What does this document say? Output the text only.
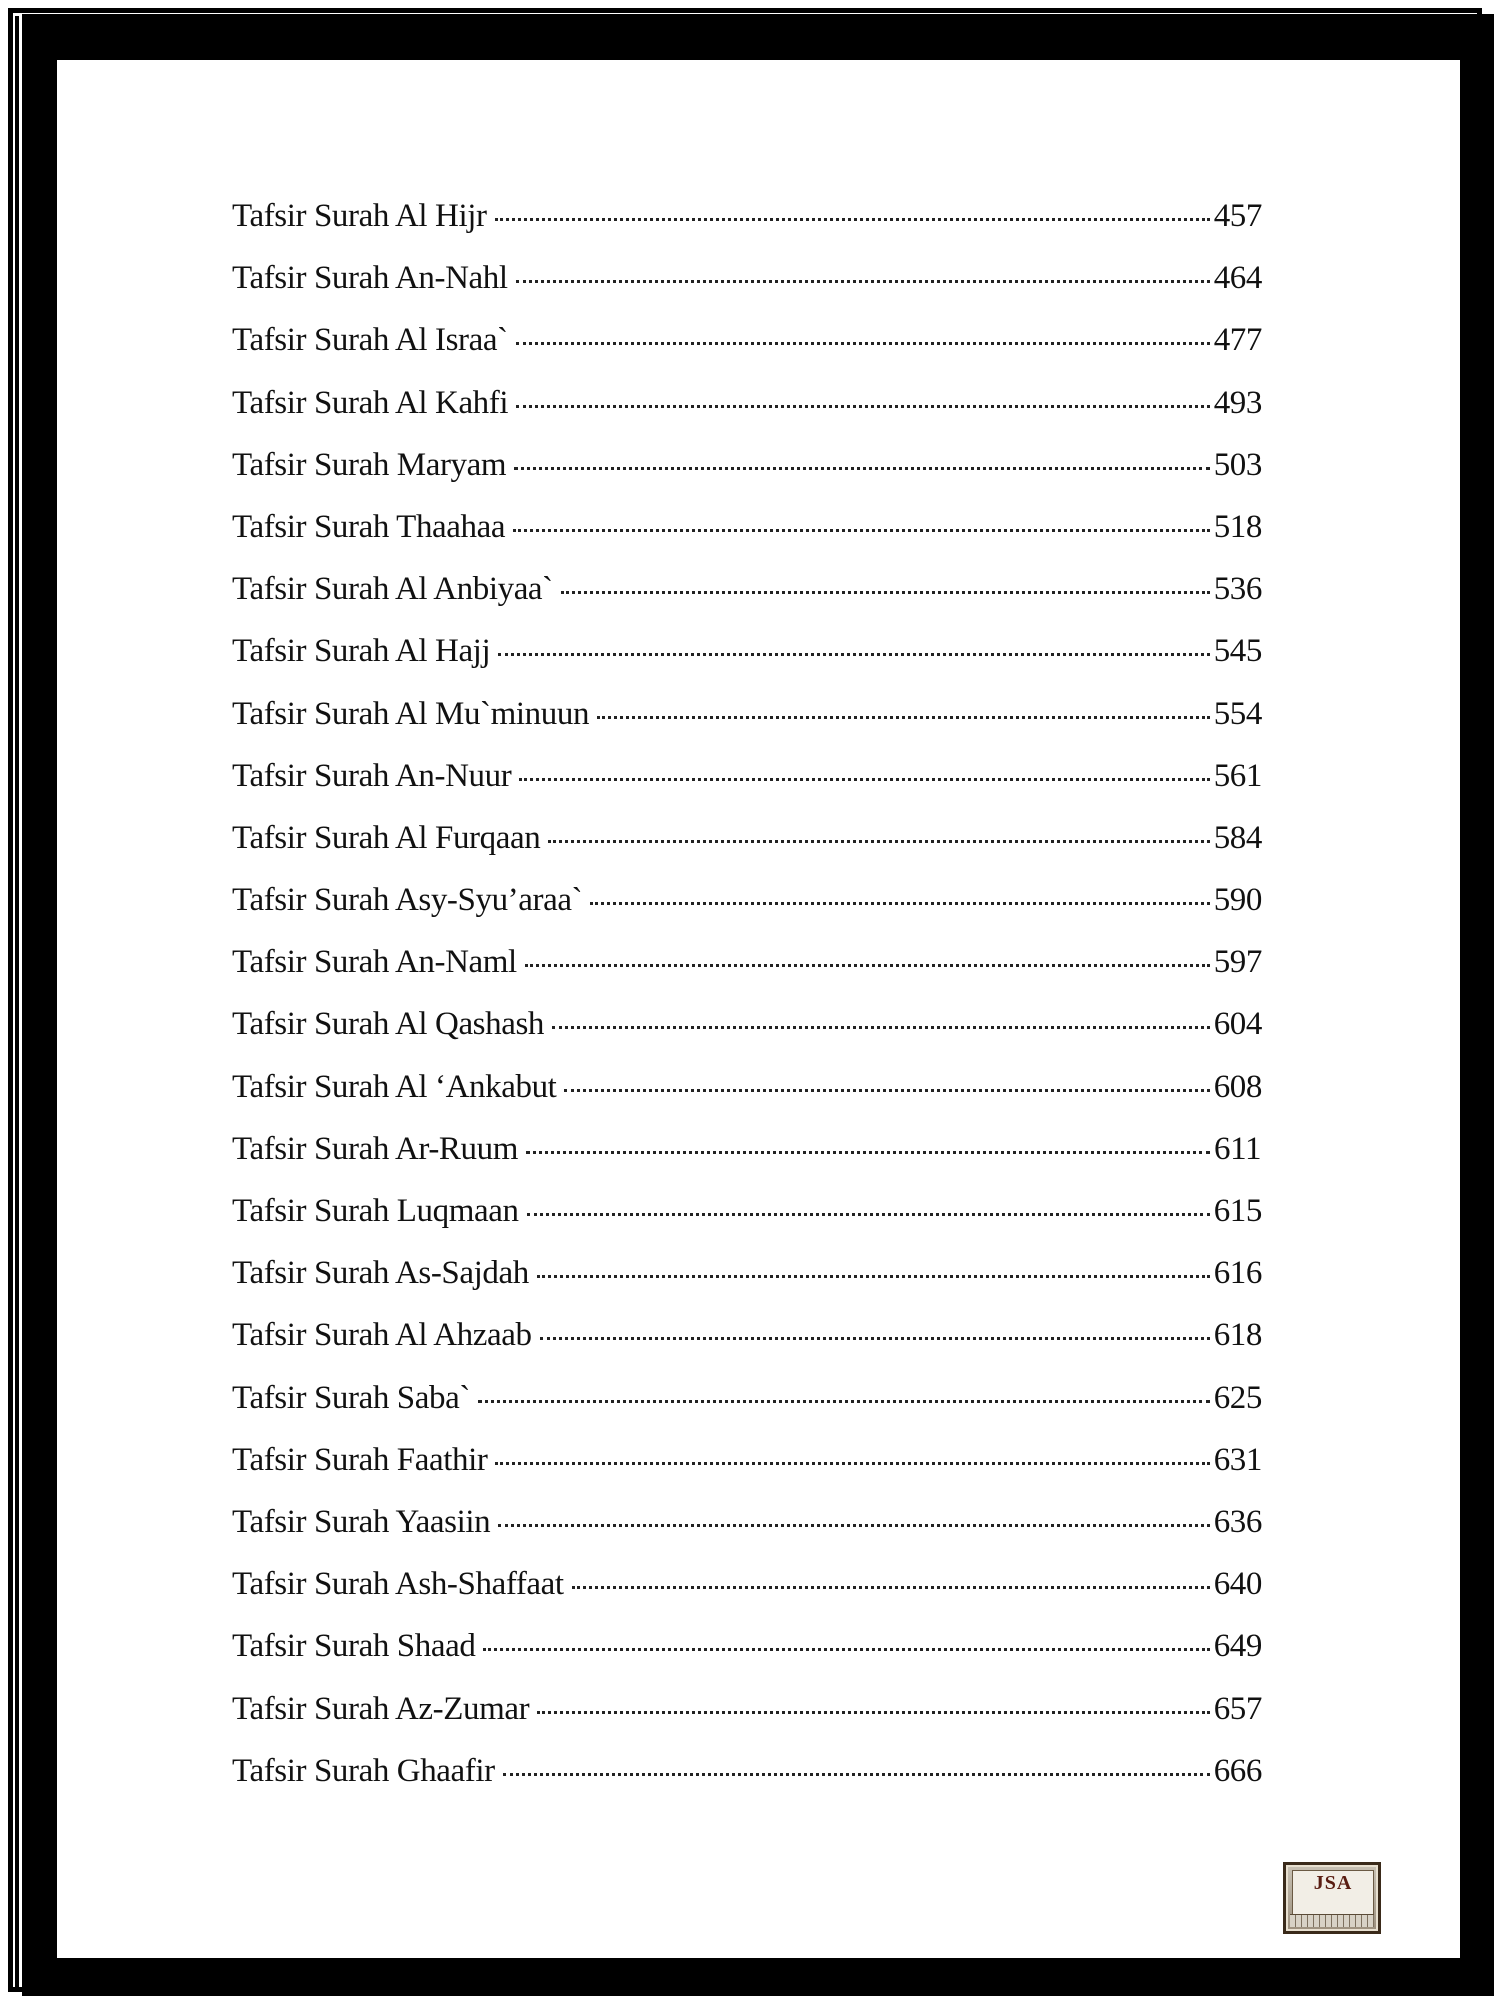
Tafsir Surah Al Hijr	457
Tafsir Surah An-Nahl	464
Tafsir Surah Al Israa`	477
Tafsir Surah Al Kahfi	493
Tafsir Surah Maryam	503
Tafsir Surah Thaahaa	518
Tafsir Surah Al Anbiyaa`	536
Tafsir Surah Al Hajj	545
Tafsir Surah Al Mu`minuun	554
Tafsir Surah An-Nuur	561
Tafsir Surah Al Furqaan	584
Tafsir Surah Asy-Syu’araa`	590
Tafsir Surah An-Naml	597
Tafsir Surah Al Qashash	604
Tafsir Surah Al ‘Ankabut	608
Tafsir Surah Ar-Ruum	611
Tafsir Surah Luqmaan	615
Tafsir Surah As-Sajdah	616
Tafsir Surah Al Ahzaab	618
Tafsir Surah Saba`	625
Tafsir Surah Faathir	631
Tafsir Surah Yaasiin	636
Tafsir Surah Ash-Shaffaat	640
Tafsir Surah Shaad	649
Tafsir Surah Az-Zumar	657
Tafsir Surah Ghaafir	666
JSA
